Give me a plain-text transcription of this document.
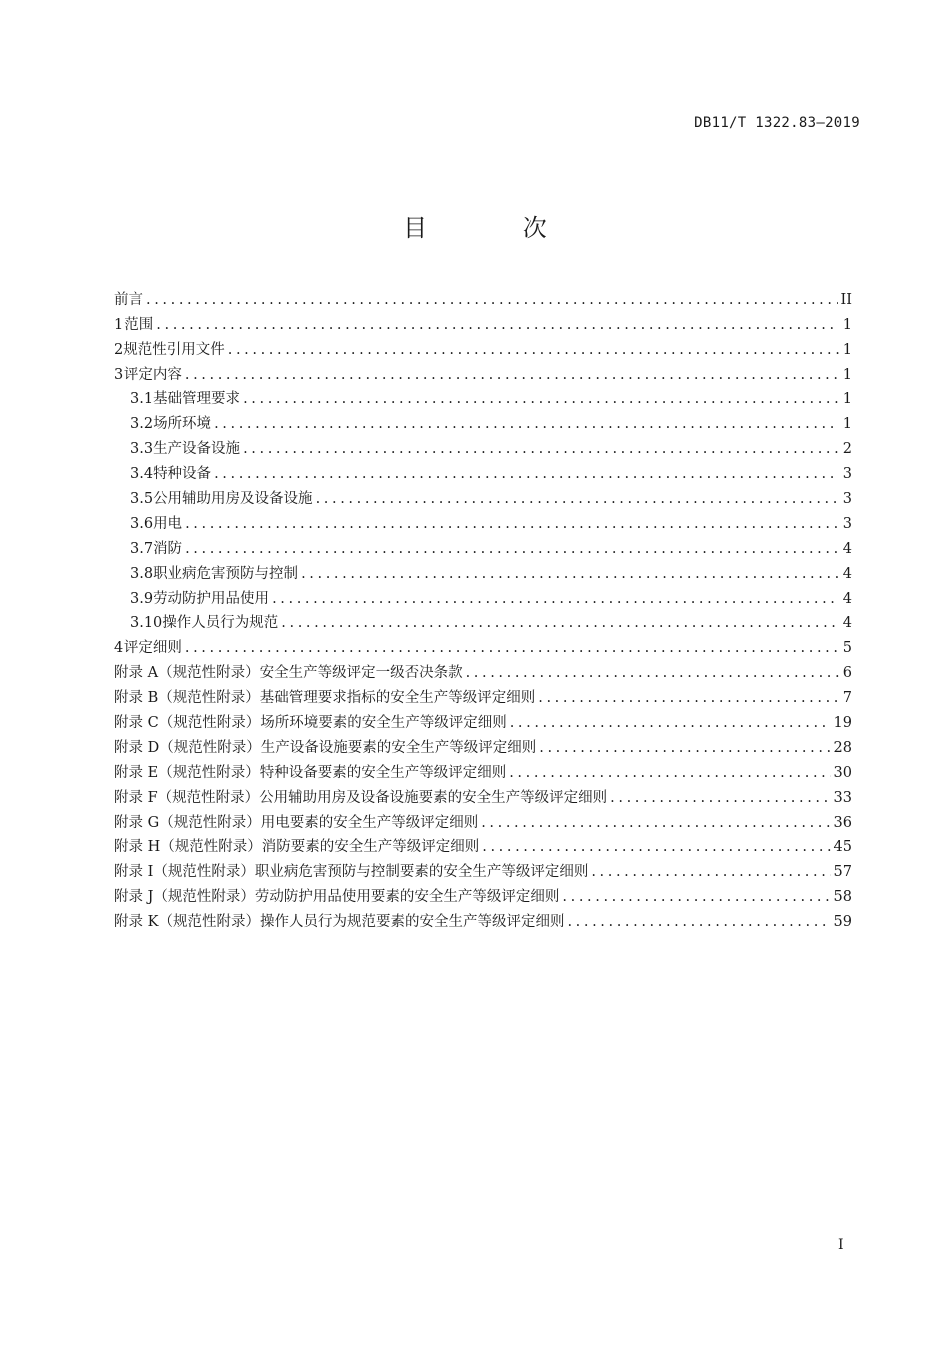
DB11/T 1322.83—2019
目 次
前言 .....	II
1 范围 .....	1
2 规范性引用文件 .....	1
3 评定内容 .....	1
3.1 基础管理要求 .....	1
3.2 场所环境 .....	1
3.3 生产设备设施 .....	2
3.4 特种设备 .....	3
3.5 公用辅助用房及设备设施 .....	3
3.6 用电 .....	3
3.7 消防 .....	4
3.8 职业病危害预防与控制 .....	4
3.9 劳动防护用品使用 .....	4
3.10 操作人员行为规范 .....	4
4 评定细则 .....	5
附录 A（规范性附录） 安全生产等级评定一级否决条款 .....	6
附录 B（规范性附录） 基础管理要求指标的安全生产等级评定细则 .....	7
附录 C（规范性附录） 场所环境要素的安全生产等级评定细则 .....	19
附录 D（规范性附录） 生产设备设施要素的安全生产等级评定细则 .....	28
附录 E（规范性附录） 特种设备要素的安全生产等级评定细则 .....	30
附录 F（规范性附录） 公用辅助用房及设备设施要素的安全生产等级评定细则 .....	33
附录 G（规范性附录） 用电要素的安全生产等级评定细则 .....	36
附录 H（规范性附录） 消防要素的安全生产等级评定细则 .....	45
附录 I（规范性附录） 职业病危害预防与控制要素的安全生产等级评定细则 .....	57
附录 J（规范性附录） 劳动防护用品使用要素的安全生产等级评定细则 .....	58
附录 K（规范性附录） 操作人员行为规范要素的安全生产等级评定细则 .....	59
I
